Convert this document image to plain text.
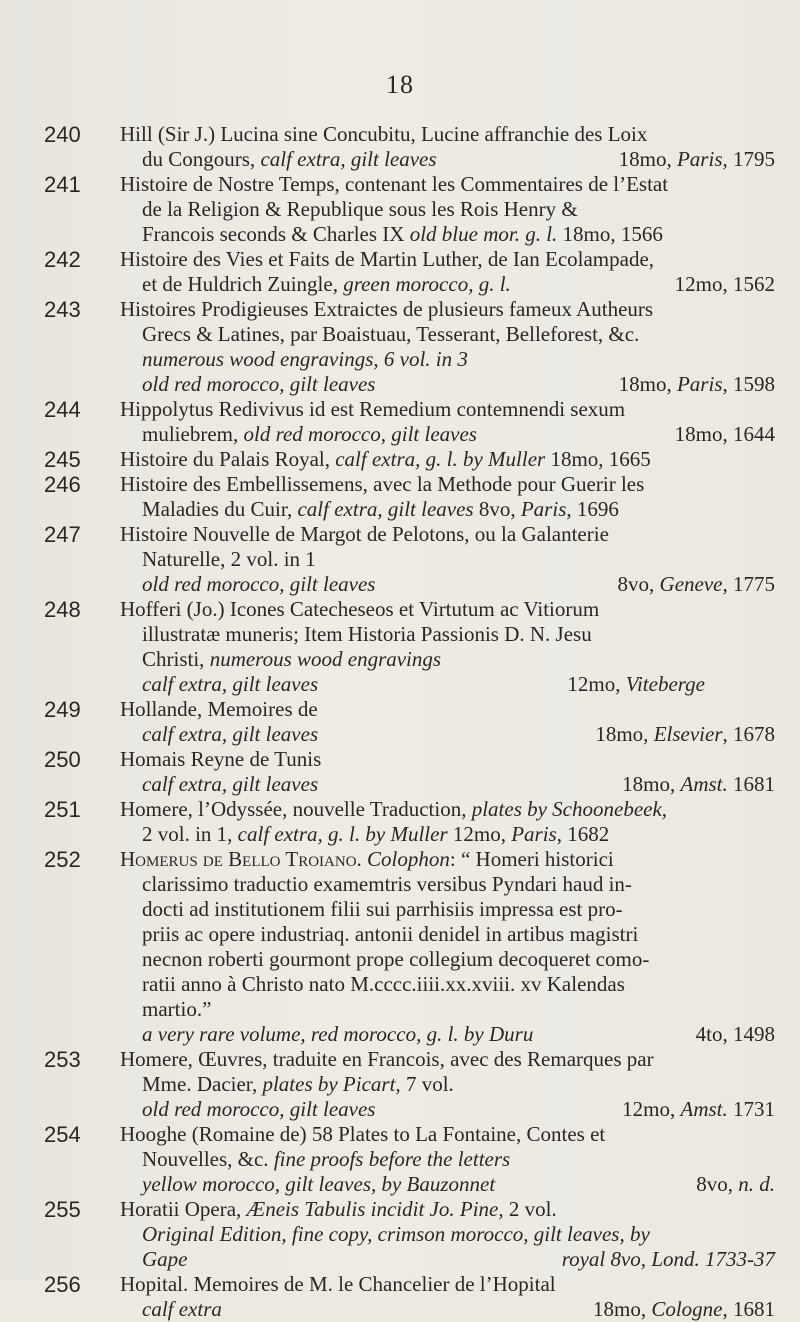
18
240	Hill (Sir J.) Lucina sine Concubitu, Lucine affranchie des Loix
du Congours, calf extra, gilt leaves	18mo, Paris, 1795
241	Histoire de Nostre Temps, contenant les Commentaires de l’Estat
de la Religion & Republique sous les Rois Henry &
Francois seconds & Charles IX old blue mor. g. l. 18mo, 1566
242	Histoire des Vies et Faits de Martin Luther, de Ian Ecolampade,
et de Huldrich Zuingle, green morocco, g. l.	12mo, 1562
243	Histoires Prodigieuses Extraictes de plusieurs fameux Autheurs
Grecs & Latines, par Boaistuau, Tesserant, Belleforest, &c.
numerous wood engravings, 6 vol. in 3
old red morocco, gilt leaves	18mo, Paris, 1598
244	Hippolytus Redivivus id est Remedium contemnendi sexum
muliebrem, old red morocco, gilt leaves	18mo, 1644
245	Histoire du Palais Royal, calf extra, g. l. by Muller 18mo, 1665
246	Histoire des Embellissemens, avec la Methode pour Guerir les
Maladies du Cuir, calf extra, gilt leaves 8vo, Paris, 1696
247	Histoire Nouvelle de Margot de Pelotons, ou la Galanterie
Naturelle, 2 vol. in 1
old red morocco, gilt leaves	8vo, Geneve, 1775
248	Hofferi (Jo.) Icones Catecheseos et Virtutum ac Vitiorum
illustratæ muneris; Item Historia Passionis D. N. Jesu
Christi, numerous wood engravings
calf extra, gilt leaves	12mo, Viteberge
249	Hollande, Memoires de
calf extra, gilt leaves	18mo, Elsevier, 1678
250	Homais Reyne de Tunis
calf extra, gilt leaves	18mo, Amst. 1681
251	Homere, l’Odyssée, nouvelle Traduction, plates by Schoonebeek,
2 vol. in 1, calf extra, g. l. by Muller 12mo, Paris, 1682
252	Homerus de Bello Troiano. Colophon: “ Homeri historici
clarissimo traductio examemtris versibus Pyndari haud in-
docti ad institutionem filii sui parrhisiis impressa est pro-
priis ac opere industriaq. antonii denidel in artibus magistri
necnon roberti gourmont prope collegium decoqueret como-
ratii anno à Christo nato M.cccc.iiii.xx.xviii. xv Kalendas
martio.”
a very rare volume, red morocco, g. l. by Duru	4to, 1498
253	Homere, Œuvres, traduite en Francois, avec des Remarques par
Mme. Dacier, plates by Picart, 7 vol.
old red morocco, gilt leaves	12mo, Amst. 1731
254	Hooghe (Romaine de) 58 Plates to La Fontaine, Contes et
Nouvelles, &c. fine proofs before the letters
yellow morocco, gilt leaves, by Bauzonnet	8vo, n. d.
255	Horatii Opera, Æneis Tabulis incidit Jo. Pine, 2 vol.
Original Edition, fine copy, crimson morocco, gilt leaves, by
Gape	royal 8vo, Lond. 1733-37
256	Hopital. Memoires de M. le Chancelier de l’Hopital
calf extra	18mo, Cologne, 1681
